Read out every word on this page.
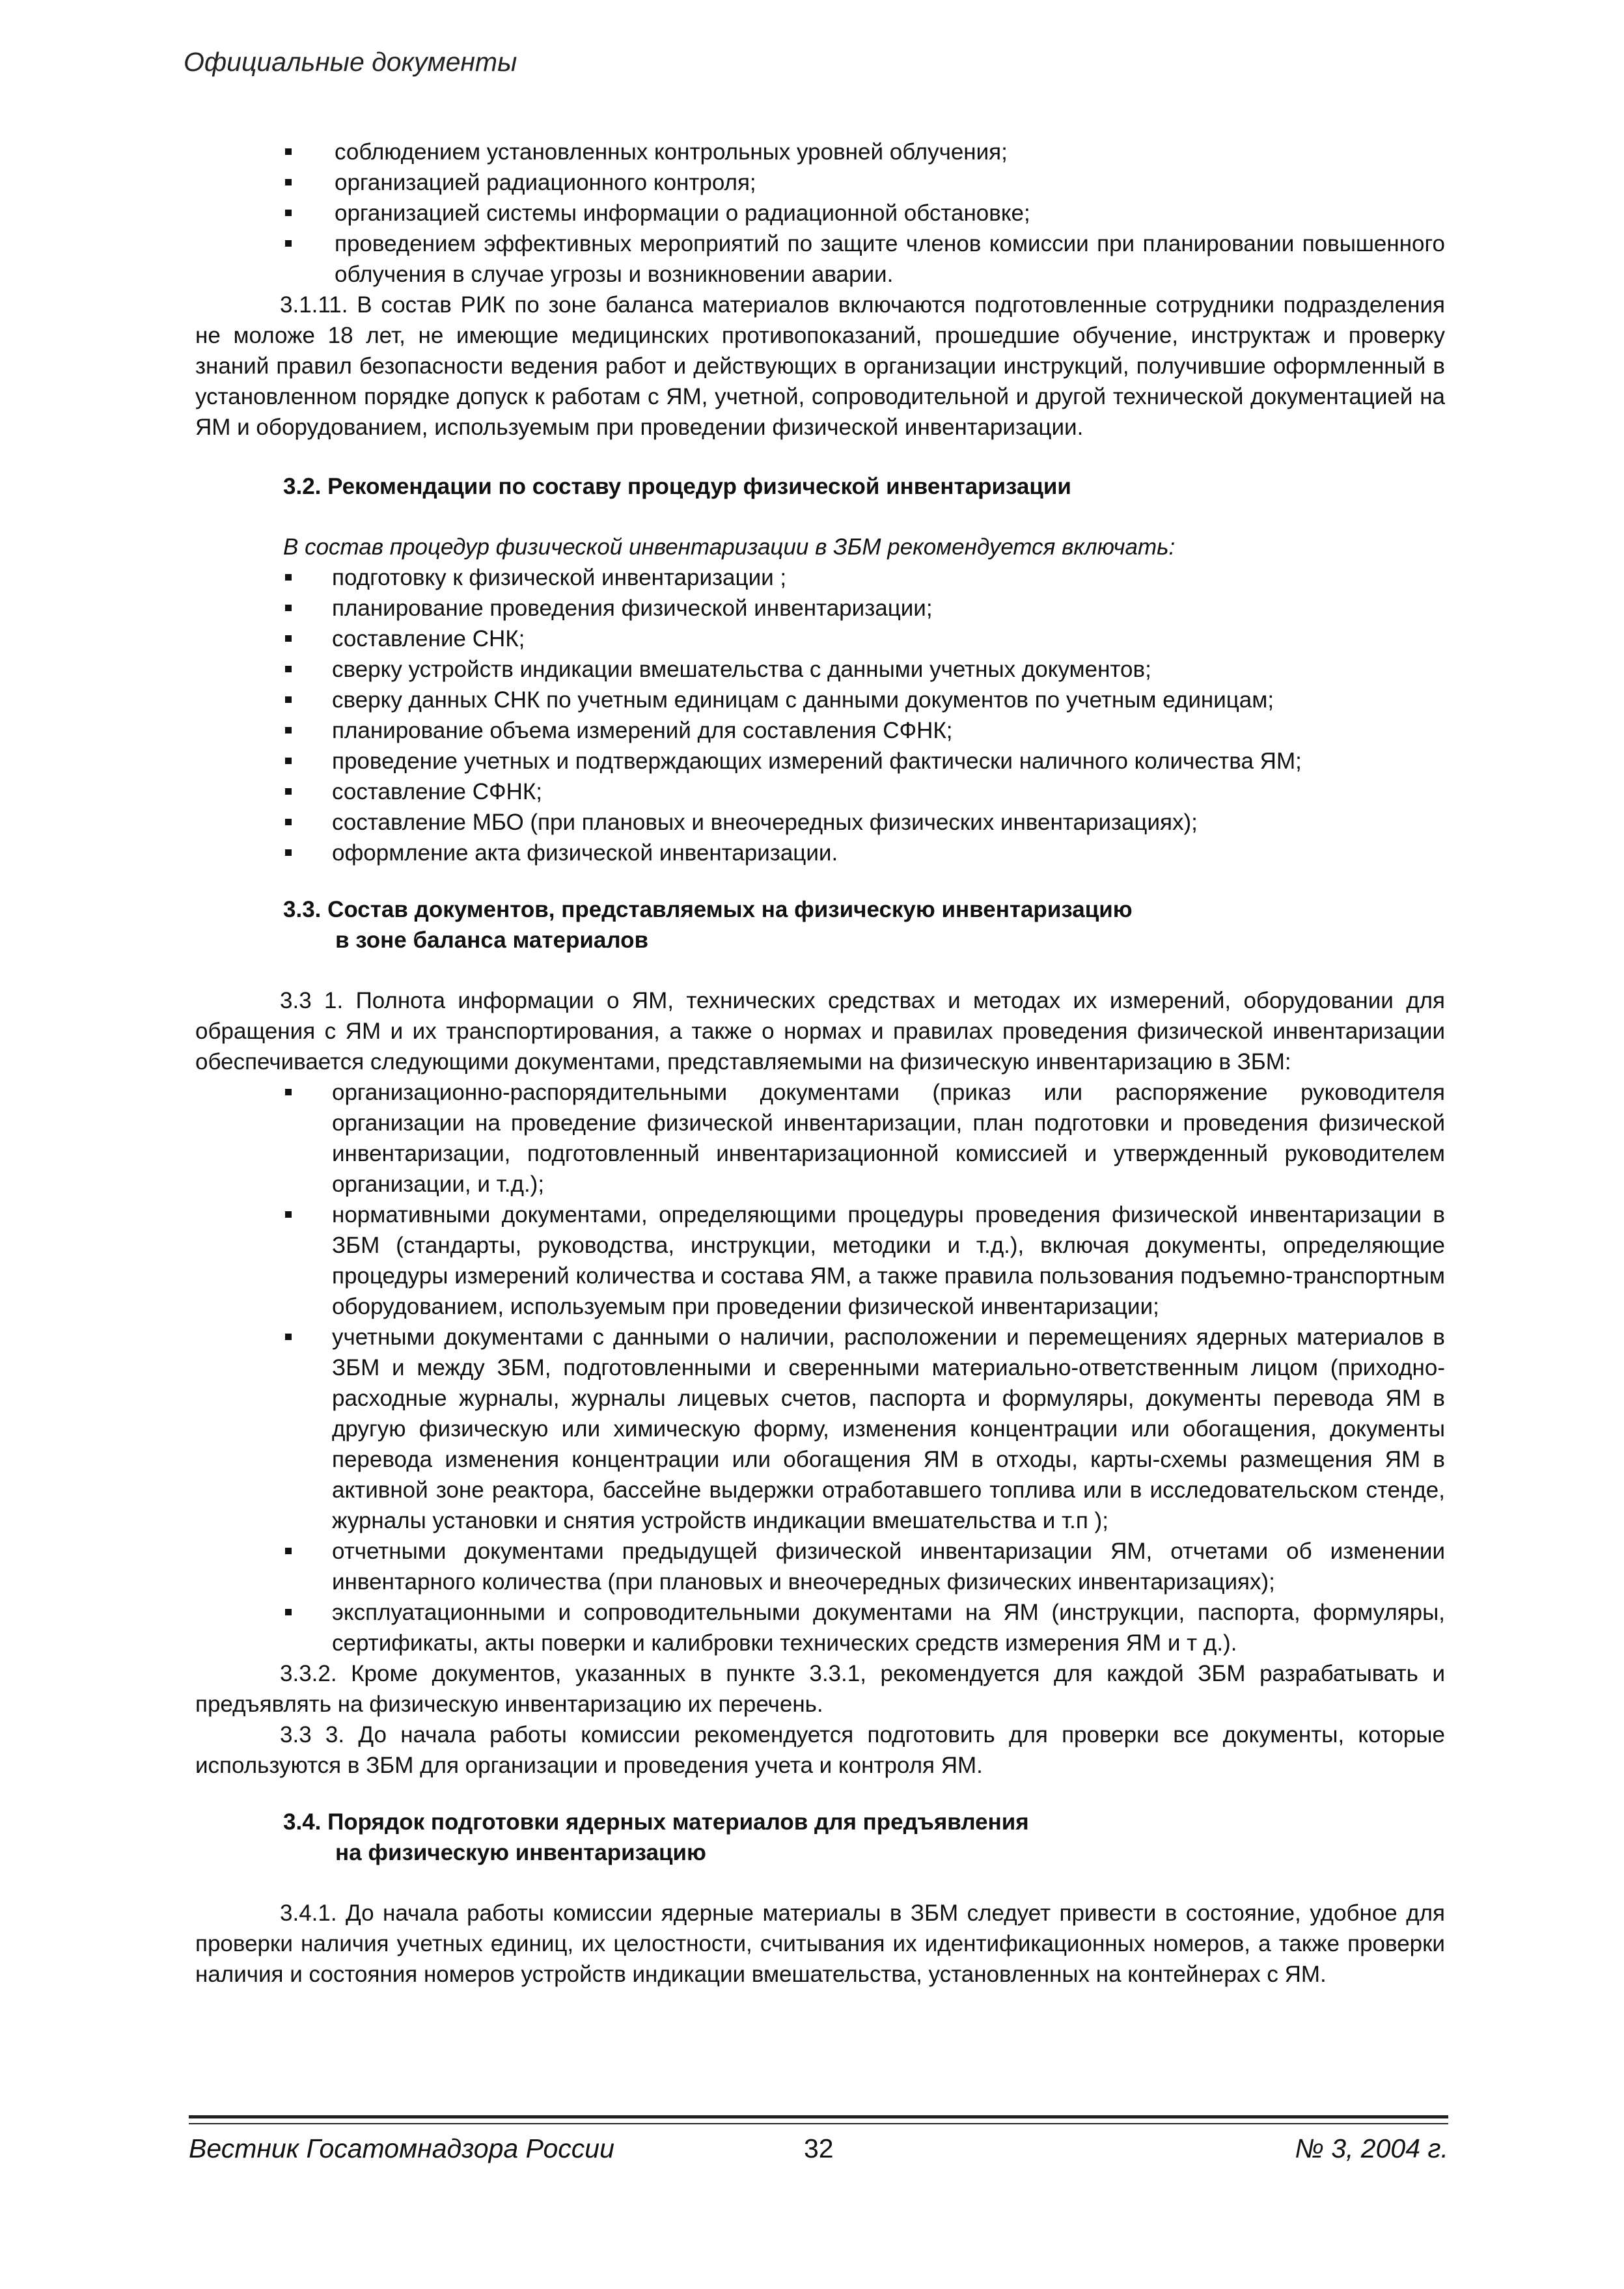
Официальные документы
соблюдением установленных контрольных уровней облучения;
организацией радиационного контроля;
организацией системы информации о радиационной обстановке;
проведением эффективных мероприятий по защите членов комиссии при планировании повышенного облучения в случае угрозы и возникновении аварии.

3.1.11. В состав РИК по зоне баланса материалов включаются подготовленные сотрудники подразделения не моложе 18 лет, не имеющие медицинских противопоказаний, прошедшие обучение, инструктаж и проверку знаний правил безопасности ведения работ и действующих в организации инструкций, получившие оформленный в установленном порядке допуск к работам с ЯМ, учетной, сопроводительной и другой технической документацией на ЯМ и оборудованием, используемым при проведении физической инвентаризации.

3.2. Рекомендации по составу процедур физической инвентаризации

В состав процедур физической инвентаризации в ЗБМ рекомендуется включать:

подготовку к физической инвентаризации ;
планирование проведения физической инвентаризации;
составление СНК;
сверку устройств индикации вмешательства с данными учетных документов;
сверку данных СНК по учетным единицам с данными документов по учетным единицам;
планирование объема измерений для составления СФНК;
проведение учетных и подтверждающих измерений фактически наличного количества ЯМ;
составление СФНК;
составление МБО (при плановых и внеочередных физических инвентаризациях);
оформление акта физической инвентаризации.

3.3. Состав документов, представляемых на физическую инвентаризацию
в зоне баланса материалов

3.3 1. Полнота информации о ЯМ, технических средствах и методах их измерений, оборудовании для обращения с ЯМ и их транспортирования, а также о нормах и правилах проведения физической инвентаризации обеспечивается следующими документами, представляемыми на физическую инвентаризацию в ЗБМ:

организационно-распорядительными документами (приказ или распоряжение руководителя организации на проведение физической инвентаризации, план подготовки и проведения физической инвентаризации, подготовленный инвентаризационной комиссией и утвержденный руководителем организации, и т.д.);
нормативными документами, определяющими процедуры проведения физической инвентаризации в ЗБМ (стандарты, руководства, инструкции, методики и т.д.), включая документы, определяющие процедуры измерений количества и состава ЯМ, а также правила пользования подъемно-транспортным оборудованием, используемым при проведении физической инвентаризации;
учетными документами с данными о наличии, расположении и перемещениях ядерных материалов в ЗБМ и между ЗБМ, подготовленными и сверенными материально-ответственным лицом (приходно-расходные журналы, журналы лицевых счетов, паспорта и формуляры, документы перевода ЯМ в другую физическую или химическую форму, изменения концентрации или обогащения, документы перевода изменения концентрации или обогащения ЯМ в отходы, карты-схемы размещения ЯМ в активной зоне реактора, бассейне выдержки отработавшего топлива или в исследовательском стенде, журналы установки и снятия устройств индикации вмешательства и т.п );
отчетными документами предыдущей физической инвентаризации ЯМ, отчетами об изменении инвентарного количества (при плановых и внеочередных физических инвентаризациях);
эксплуатационными и сопроводительными документами на ЯМ (инструкции, паспорта, формуляры, сертификаты, акты поверки и калибровки технических средств измерения ЯМ и т д.).

3.3.2. Кроме документов, указанных в пункте 3.3.1, рекомендуется для каждой ЗБМ разрабатывать и предъявлять на физическую инвентаризацию их перечень.

3.3 3. До начала работы комиссии рекомендуется подготовить для проверки все документы, которые используются в ЗБМ для организации и проведения учета и контроля ЯМ.

3.4. Порядок подготовки ядерных материалов для предъявления
на физическую инвентаризацию

3.4.1. До начала работы комиссии ядерные материалы в ЗБМ следует привести в состояние, удобное для проверки наличия учетных единиц, их целостности, считывания их идентификационных номеров, а также проверки наличия и состояния номеров устройств индикации вмешательства, установленных на контейнерах с ЯМ.

Вестник Госатомнадзора России	32	№ 3, 2004 г.
